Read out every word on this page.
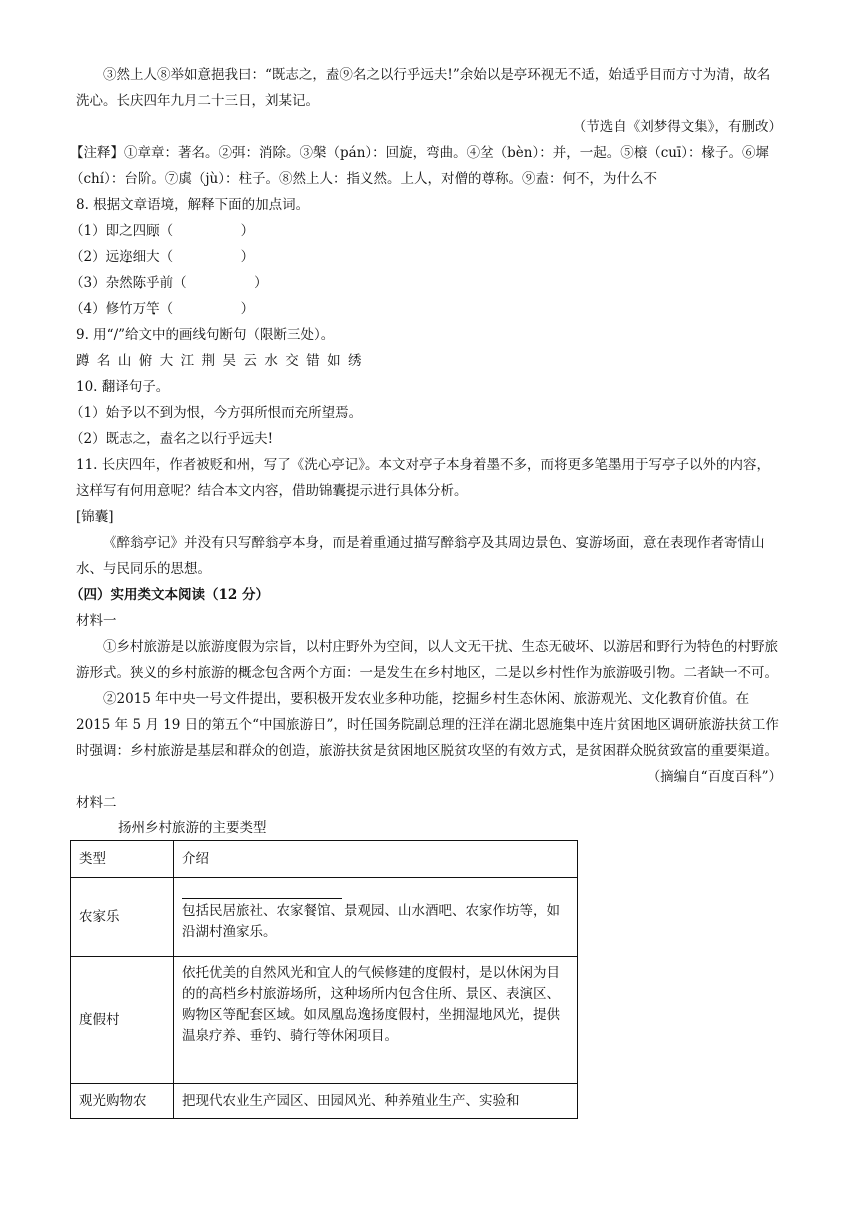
③然上人⑧举如意挹我曰：“既志之，盍⑨名之以行乎远夫!”余始以是亭环视无不适，始适乎目而方寸为清，故名洗心。长庆四年九月二十三日，刘某记。
（节选自《刘梦得文集》，有删改）
【注释】①章章：著名。②弭：消除。③槃（pán）：回旋，弯曲。④坌（bèn）：并，一起。⑤榱（cuī）：椽子。⑥墀（chí）：台阶。⑦虡（jù）：柱子。⑧然上人：指义然。上人，对僧的尊称。⑨盍：何不，为什么不
8. 根据文章语境，解释下面的加点词。
（1）即之四顾（　　　　　）
（2）远迩细大（　　　　　）
（3）杂然陈乎前（　　　　　）
（4）修竹万竿（　　　　　）
9. 用“/”给文中的画线句断句（限断三处）。
蹲名山俯大江荆吴云水交错如绣
10. 翻译句子。
（1）始予以不到为恨，今方弭所恨而充所望焉。
（2）既志之，盍名之以行乎远夫!
11. 长庆四年，作者被贬和州，写了《洗心亭记》。本文对亭子本身着墨不多，而将更多笔墨用于写亭子以外的内容，这样写有何用意呢？结合本文内容，借助锦囊提示进行具体分析。
[锦囊]
《醉翁亭记》并没有只写醉翁亭本身，而是着重通过描写醉翁亭及其周边景色、宴游场面，意在表现作者寄情山水、与民同乐的思想。
（四）实用类文本阅读（12 分）
材料一
①乡村旅游是以旅游度假为宗旨，以村庄野外为空间，以人文无干扰、生态无破坏、以游居和野行为特色的村野旅游形式。狭义的乡村旅游的概念包含两个方面：一是发生在乡村地区，二是以乡村性作为旅游吸引物。二者缺一不可。
②2015 年中央一号文件提出，要积极开发农业多种功能，挖掘乡村生态休闲、旅游观光、文化教育价值。在 2015 年 5 月 19 日的第五个“中国旅游日”，时任国务院副总理的汪洋在湖北恩施集中连片贫困地区调研旅游扶贫工作时强调：乡村旅游是基层和群众的创造，旅游扶贫是贫困地区脱贫攻坚的有效方式，是贫困群众脱贫致富的重要渠道。
（摘编自“百度百科”）
材料二
扬州乡村旅游的主要类型
类型	介绍
农家乐	包括民居旅社、农家餐馆、景观园、山水酒吧、农家作坊等，如沿湖村渔家乐。
度假村	依托优美的自然风光和宜人的气候修建的度假村，是以休闲为目的的高档乡村旅游场所，这种场所内包含住所、景区、表演区、购物区等配套区域。如凤凰岛逸扬度假村，坐拥湿地风光，提供温泉疗养、垂钓、骑行等休闲项目。
观光购物农	把现代农业生产园区、田园风光、种养殖业生产、实验和
